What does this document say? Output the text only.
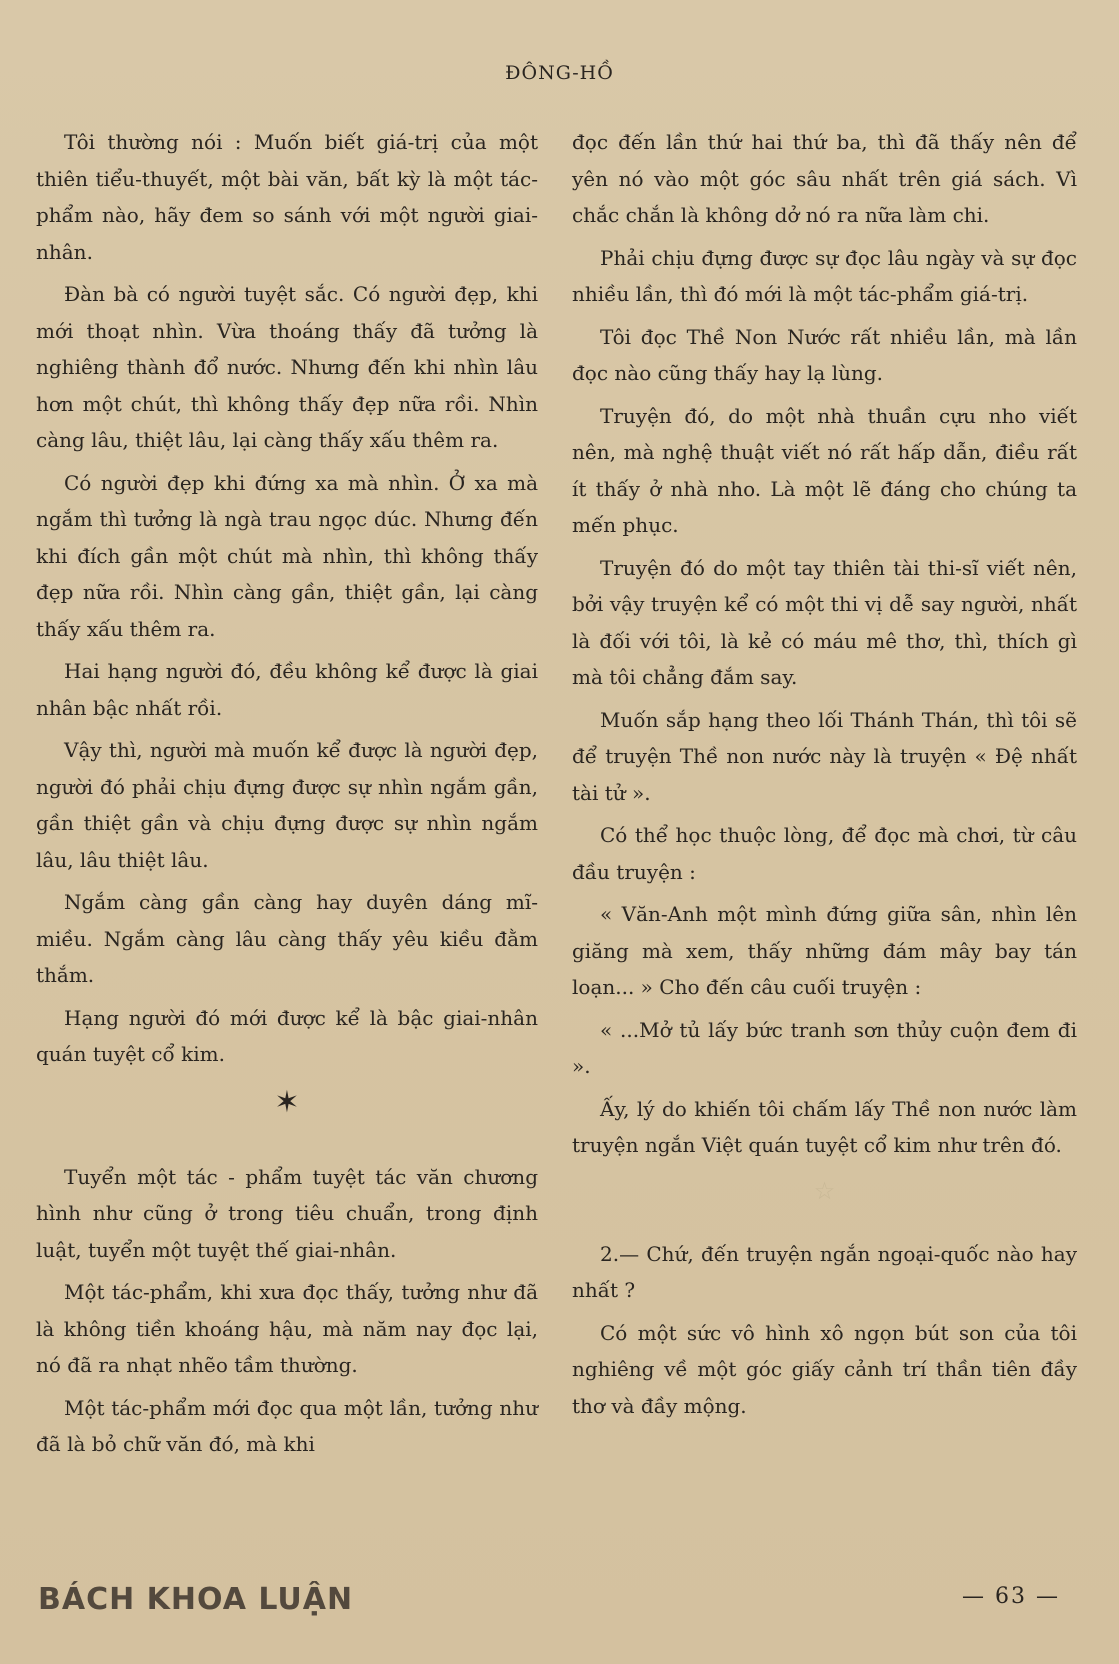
ĐÔNG-HỒ

Tôi thường nói : Muốn biết giá-trị của một thiên tiểu-thuyết, một bài văn, bất kỳ là một tác-phẩm nào, hãy đem so sánh với một người giai-nhân.

Đàn bà có người tuyệt sắc. Có người đẹp, khi mới thoạt nhìn. Vừa thoáng thấy đã tưởng là nghiêng thành đổ nước. Nhưng đến khi nhìn lâu hơn một chút, thì không thấy đẹp nữa rồi. Nhìn càng lâu, thiệt lâu, lại càng thấy xấu thêm ra.

Có người đẹp khi đứng xa mà nhìn. Ở xa mà ngắm thì tưởng là ngà trau ngọc dúc. Nhưng đến khi đích gần một chút mà nhìn, thì không thấy đẹp nữa rồi. Nhìn càng gần, thiệt gần, lại càng thấy xấu thêm ra.

Hai hạng người đó, đều không kể được là giai nhân bậc nhất rồi.

Vậy thì, người mà muốn kể được là người đẹp, người đó phải chịu đựng được sự nhìn ngắm gần, gần thiệt gần và chịu đựng được sự nhìn ngắm lâu, lâu thiệt lâu.

Ngắm càng gần càng hay duyên dáng mĩ-miều. Ngắm càng lâu càng thấy yêu kiều đằm thắm.

Hạng người đó mới được kể là bậc giai-nhân quán tuyệt cổ kim.

✶

Tuyển một tác - phẩm tuyệt tác văn chương hình như cũng ở trong tiêu chuẩn, trong định luật, tuyển một tuyệt thế giai-nhân.

Một tác-phẩm, khi xưa đọc thấy, tưởng như đã là không tiền khoáng hậu, mà năm nay đọc lại, nó đã ra nhạt nhẽo tầm thường.

Một tác-phẩm mới đọc qua một lần, tưởng như đã là bỏ chữ văn đó, mà khi

đọc đến lần thứ hai thứ ba, thì đã thấy nên để yên nó vào một góc sâu nhất trên giá sách. Vì chắc chắn là không dở nó ra nữa làm chi.

Phải chịu đựng được sự đọc lâu ngày và sự đọc nhiều lần, thì đó mới là một tác-phẩm giá-trị.

Tôi đọc Thề Non Nước rất nhiều lần, mà lần đọc nào cũng thấy hay lạ lùng.

Truyện đó, do một nhà thuần cựu nho viết nên, mà nghệ thuật viết nó rất hấp dẫn, điều rất ít thấy ở nhà nho. Là một lẽ đáng cho chúng ta mến phục.

Truyện đó do một tay thiên tài thi-sĩ viết nên, bởi vậy truyện kể có một thi vị dễ say người, nhất là đối với tôi, là kẻ có máu mê thơ, thì, thích gì mà tôi chẳng đắm say.

Muốn sắp hạng theo lối Thánh Thán, thì tôi sẽ để truyện Thề non nước này là truyện « Đệ nhất tài tử ».

Có thể học thuộc lòng, để đọc mà chơi, từ câu đầu truyện :

« Văn-Anh một mình đứng giữa sân, nhìn lên giăng mà xem, thấy những đám mây bay tán loạn... » Cho đến câu cuối truyện :

« ...Mở tủ lấy bức tranh sơn thủy cuộn đem đi ».

Ấy, lý do khiến tôi chấm lấy Thề non nước làm truyện ngắn Việt quán tuyệt cổ kim như trên đó.

☆

2.— Chứ, đến truyện ngắn ngoại-quốc nào hay nhất ?

Có một sức vô hình xô ngọn bút son của tôi nghiêng về một góc giấy cảnh trí thần tiên đầy thơ và đầy mộng.

BÁCH KHOA LUẬN	— 63 —
